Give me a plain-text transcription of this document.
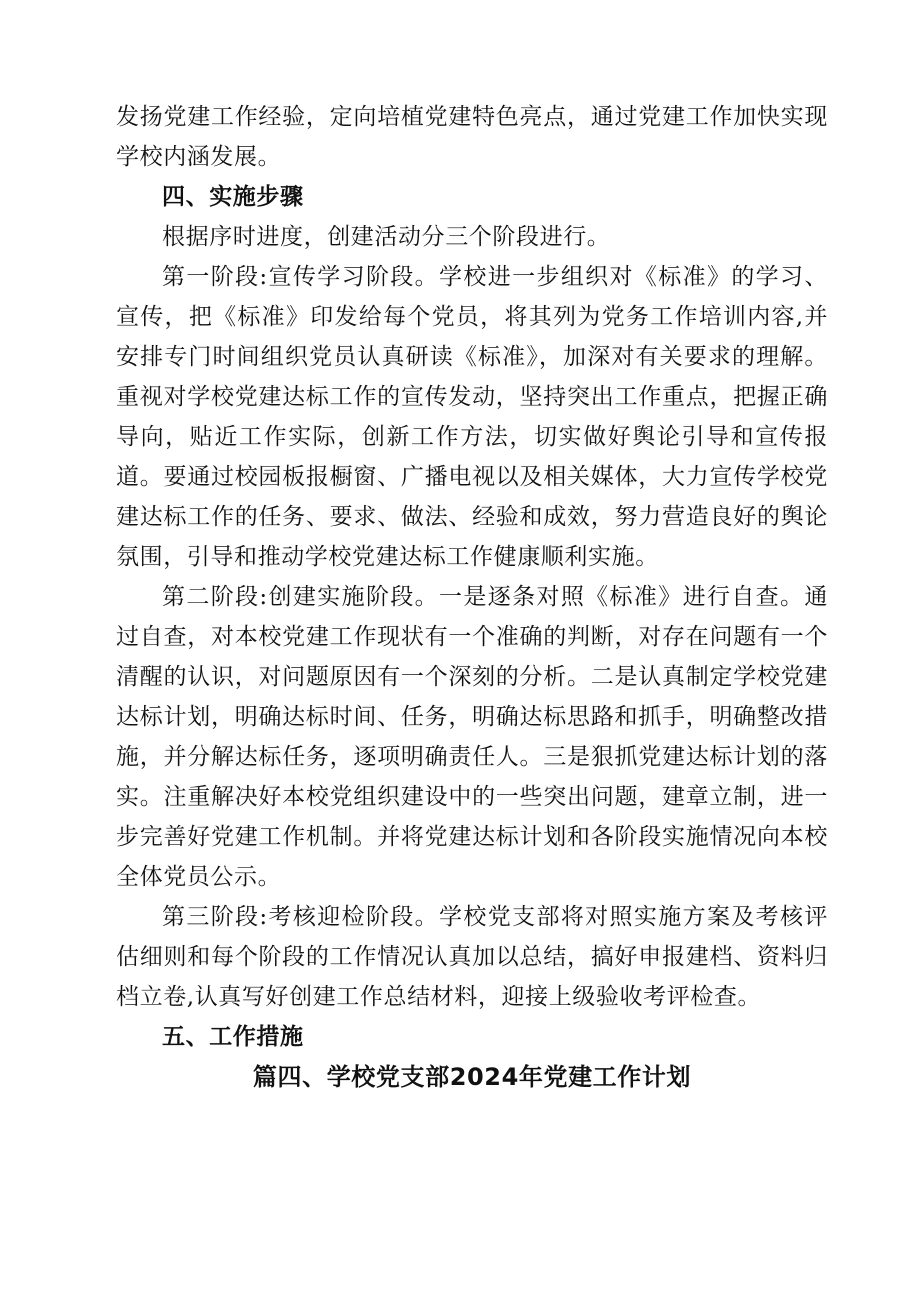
发扬党建工作经验，定向培植党建特色亮点，通过党建工作加快实现学校内涵发展。

四、实施步骤

根据序时进度，创建活动分三个阶段进行。

第一阶段:宣传学习阶段。学校进一步组织对《标准》的学习、宣传，把《标准》印发给每个党员，将其列为党务工作培训内容,并安排专门时间组织党员认真研读《标准》，加深对有关要求的理解。重视对学校党建达标工作的宣传发动，坚持突出工作重点，把握正确导向，贴近工作实际，创新工作方法，切实做好舆论引导和宣传报道。要通过校园板报橱窗、广播电视以及相关媒体，大力宣传学校党建达标工作的任务、要求、做法、经验和成效，努力营造良好的舆论氛围，引导和推动学校党建达标工作健康顺利实施。

第二阶段:创建实施阶段。一是逐条对照《标准》进行自查。通过自查，对本校党建工作现状有一个准确的判断，对存在问题有一个清醒的认识，对问题原因有一个深刻的分析。二是认真制定学校党建达标计划，明确达标时间、任务，明确达标思路和抓手，明确整改措施，并分解达标任务，逐项明确责任人。三是狠抓党建达标计划的落实。注重解决好本校党组织建设中的一些突出问题，建章立制，进一步完善好党建工作机制。并将党建达标计划和各阶段实施情况向本校全体党员公示。

第三阶段:考核迎检阶段。学校党支部将对照实施方案及考核评估细则和每个阶段的工作情况认真加以总结，搞好申报建档、资料归档立卷,认真写好创建工作总结材料，迎接上级验收考评检查。

五、工作措施

篇四、学校党支部2024年党建工作计划
